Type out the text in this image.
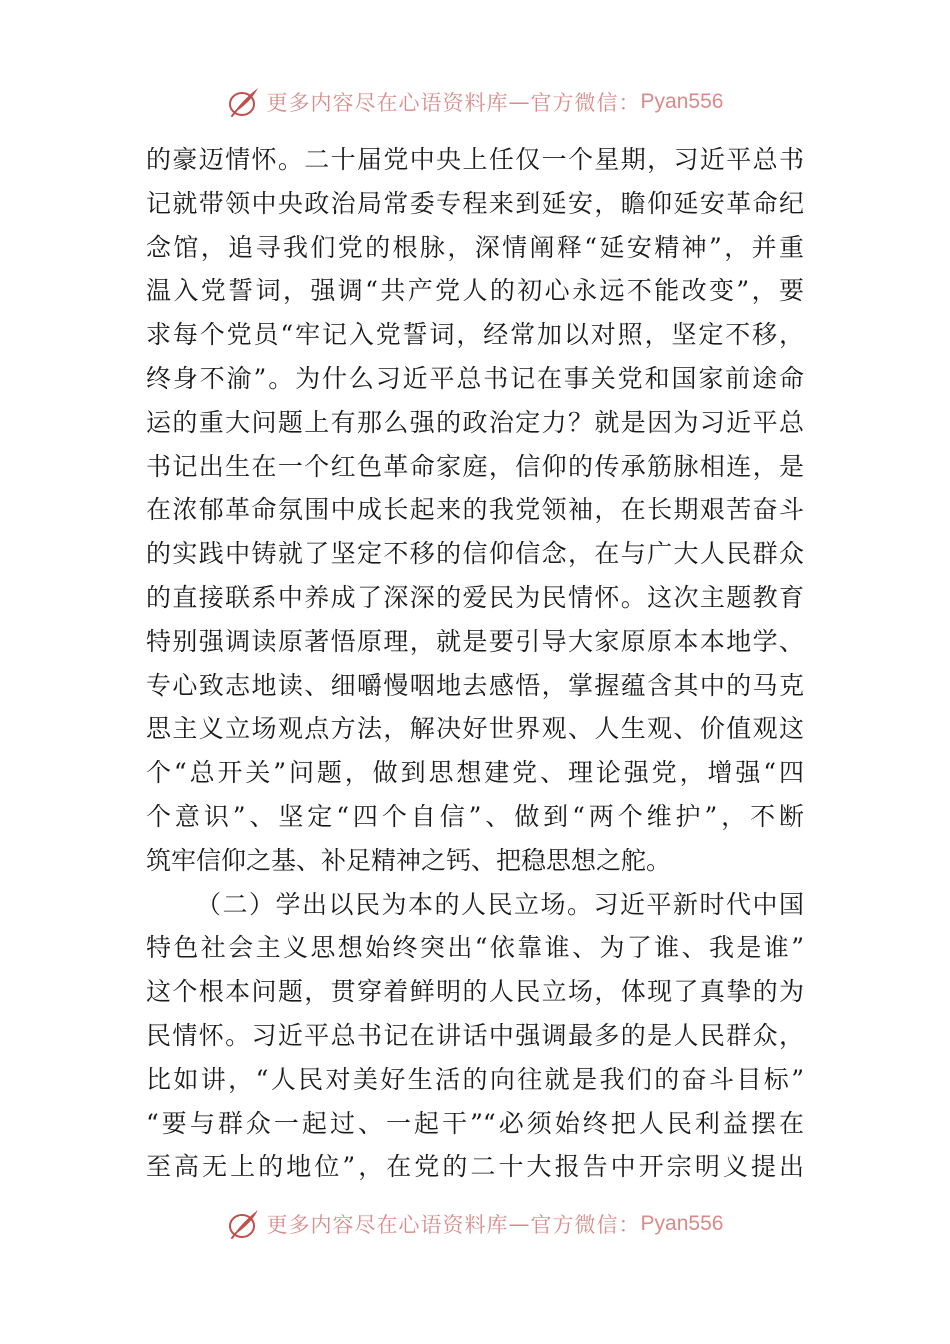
更多内容尽在心语资料库 — 官方微信： Pyan556
的豪迈情怀。二十届党中央上任仅一个星期，习近平总书
记就带领中央政治局常委专程来到延安，瞻仰延安革命纪
念馆，追寻我们党的根脉，深情阐释“延安精神”，并重
温入党誓词，强调“共产党人的初心永远不能改变”，要
求每个党员“牢记入党誓词，经常加以对照，坚定不移，
终身不渝”。为什么习近平总书记在事关党和国家前途命
运的重大问题上有那么强的政治定力？就是因为习近平总
书记出生在一个红色革命家庭，信仰的传承筋脉相连，是
在浓郁革命氛围中成长起来的我党领袖，在长期艰苦奋斗
的实践中铸就了坚定不移的信仰信念，在与广大人民群众
的直接联系中养成了深深的爱民为民情怀。这次主题教育
特别强调读原著悟原理，就是要引导大家原原本本地学、
专心致志地读、细嚼慢咽地去感悟，掌握蕴含其中的马克
思主义立场观点方法，解决好世界观、人生观、价值观这
个“总开关”问题，做到思想建党、理论强党，增强“四
个意识”、坚定“四个自信”、做到“两个维护”，不断
筑牢信仰之基、补足精神之钙、把稳思想之舵。
（二）学出以民为本的人民立场。习近平新时代中国
特色社会主义思想始终突出“依靠谁、为了谁、我是谁”
这个根本问题，贯穿着鲜明的人民立场，体现了真挚的为
民情怀。习近平总书记在讲话中强调最多的是人民群众，
比如讲，“人民对美好生活的向往就是我们的奋斗目标”
“要与群众一起过、一起干”“必须始终把人民利益摆在
至高无上的地位”，在党的二十大报告中开宗明义提出
更多内容尽在心语资料库 — 官方微信： Pyan556
